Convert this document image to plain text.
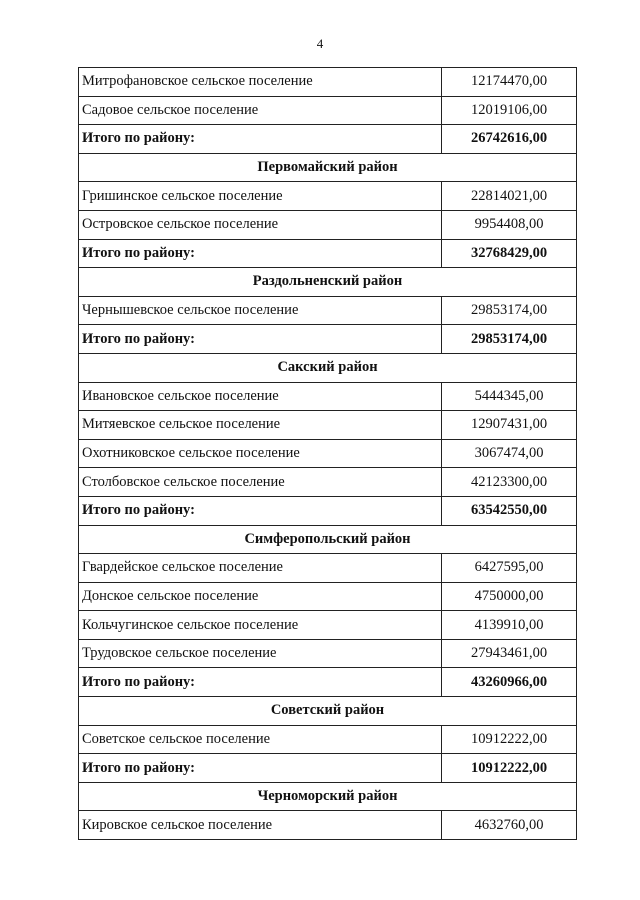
4
Митрофановское сельское поселение	12174470,00
Садовое сельское поселение	12019106,00
Итого по району:	26742616,00
Первомайский район	
Гришинское сельское поселение	22814021,00
Островское сельское поселение	9954408,00
Итого по району:	32768429,00
Раздольненский район	
Чернышевское сельское поселение	29853174,00
Итого по району:	29853174,00
Сакский район	
Ивановское сельское поселение	5444345,00
Митяевское сельское поселение	12907431,00
Охотниковское сельское поселение	3067474,00
Столбовское сельское поселение	42123300,00
Итого по району:	63542550,00
Симферопольский район	
Гвардейское сельское поселение	6427595,00
Донское сельское поселение	4750000,00
Кольчугинское сельское поселение	4139910,00
Трудовское сельское поселение	27943461,00
Итого по району:	43260966,00
Советский район	
Советское сельское поселение	10912222,00
Итого по району:	10912222,00
Черноморский район	
Кировское сельское поселение	4632760,00
